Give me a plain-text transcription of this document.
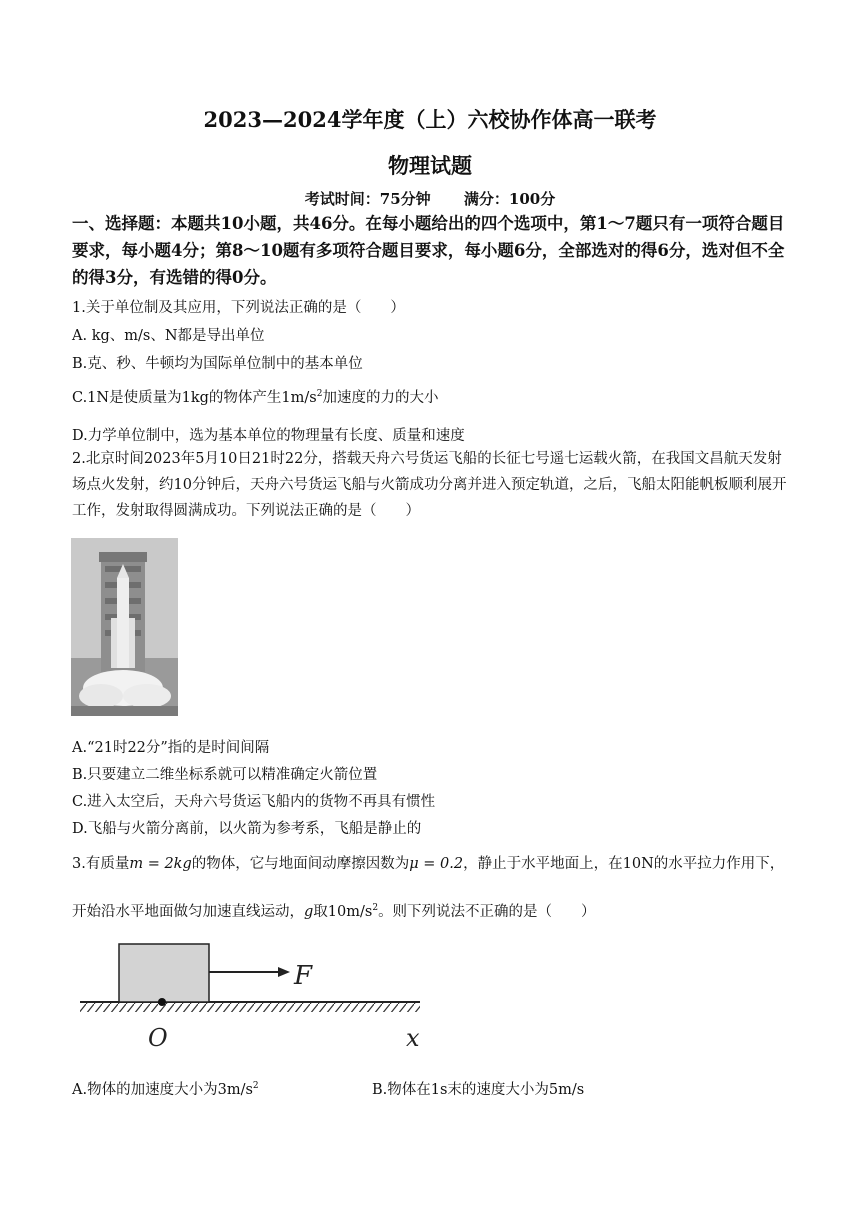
2023—2024学年度（上）六校协作体高一联考
物理试题
考试时间：75分钟 满分：100分
一、选择题：本题共10小题，共46分。在每小题给出的四个选项中，第1～7题只有一项符合题目要求，每小题4分；第8～10题有多项符合题目要求，每小题6分，全部选对的得6分，选对但不全的得3分，有选错的得0分。
1.关于单位制及其应用，下列说法正确的是（　　）
A. kg、m/s、N都是导出单位
B.克、秒、牛顿均为国际单位制中的基本单位
C.1N是使质量为1kg的物体产生$1m/s^2$加速度的力的大小
D.力学单位制中，选为基本单位的物理量有长度、质量和速度
2.北京时间2023年5月10日21时22分，搭载天舟六号货运飞船的长征七号遥七运载火箭，在我国文昌航天发射场点火发射，约10分钟后，天舟六号货运飞船与火箭成功分离并进入预定轨道，之后，飞船太阳能帆板顺利展开工作，发射取得圆满成功。下列说法正确的是（　　）
A.“21时22分”指的是时间间隔
B.只要建立二维坐标系就可以精准确定火箭位置
C.进入太空后，天舟六号货运飞船内的货物不再具有惯性
D.飞船与火箭分离前，以火箭为参考系，飞船是静止的
3.有质量m = 2kg的物体，它与地面间动摩擦因数为μ = 0.2，静止于水平地面上，在10N的水平拉力作用下，
开始沿水平地面做匀加速直线运动，g取$10m/s^2$。则下列说法不正确的是（　　）
F
O	x
A.物体的加速度大小为$3m/s^2$	B.物体在1s末的速度大小为5m/s
